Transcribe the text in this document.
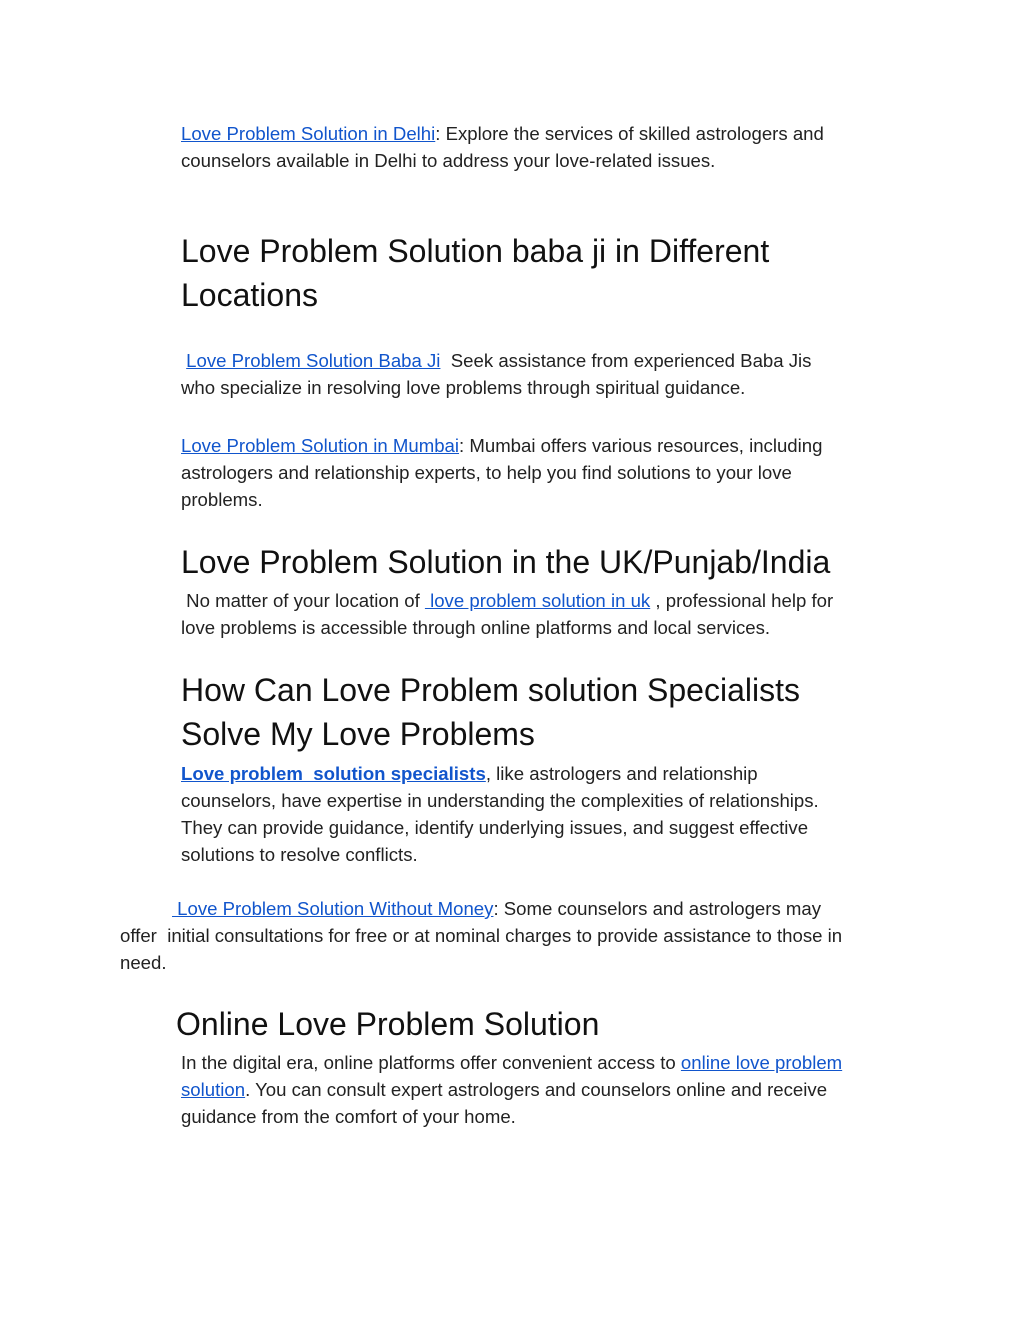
Love Problem Solution in Delhi: Explore the services of skilled astrologers and
counselors available in Delhi to address your love-related issues.
Love Problem Solution baba ji in Different
Locations
Love Problem Solution Baba Ji  Seek assistance from experienced Baba Jis
who specialize in resolving love problems through spiritual guidance.
Love Problem Solution in Mumbai: Mumbai offers various resources, including
astrologers and relationship experts, to help you find solutions to your love
problems.
Love Problem Solution in the UK/Punjab/India
No matter of your location of  love problem solution in uk , professional help for
love problems is accessible through online platforms and local services.
How Can Love Problem solution Specialists
Solve My Love Problems
Love problem  solution specialists, like astrologers and relationship
counselors, have expertise in understanding the complexities of relationships.
They can provide guidance, identify underlying issues, and suggest effective
solutions to resolve conflicts.
Love Problem Solution Without Money: Some counselors and astrologers may
offer  initial consultations for free or at nominal charges to provide assistance to those in
need.
Online Love Problem Solution
In the digital era, online platforms offer convenient access to online love problem
solution. You can consult expert astrologers and counselors online and receive
guidance from the comfort of your home.
